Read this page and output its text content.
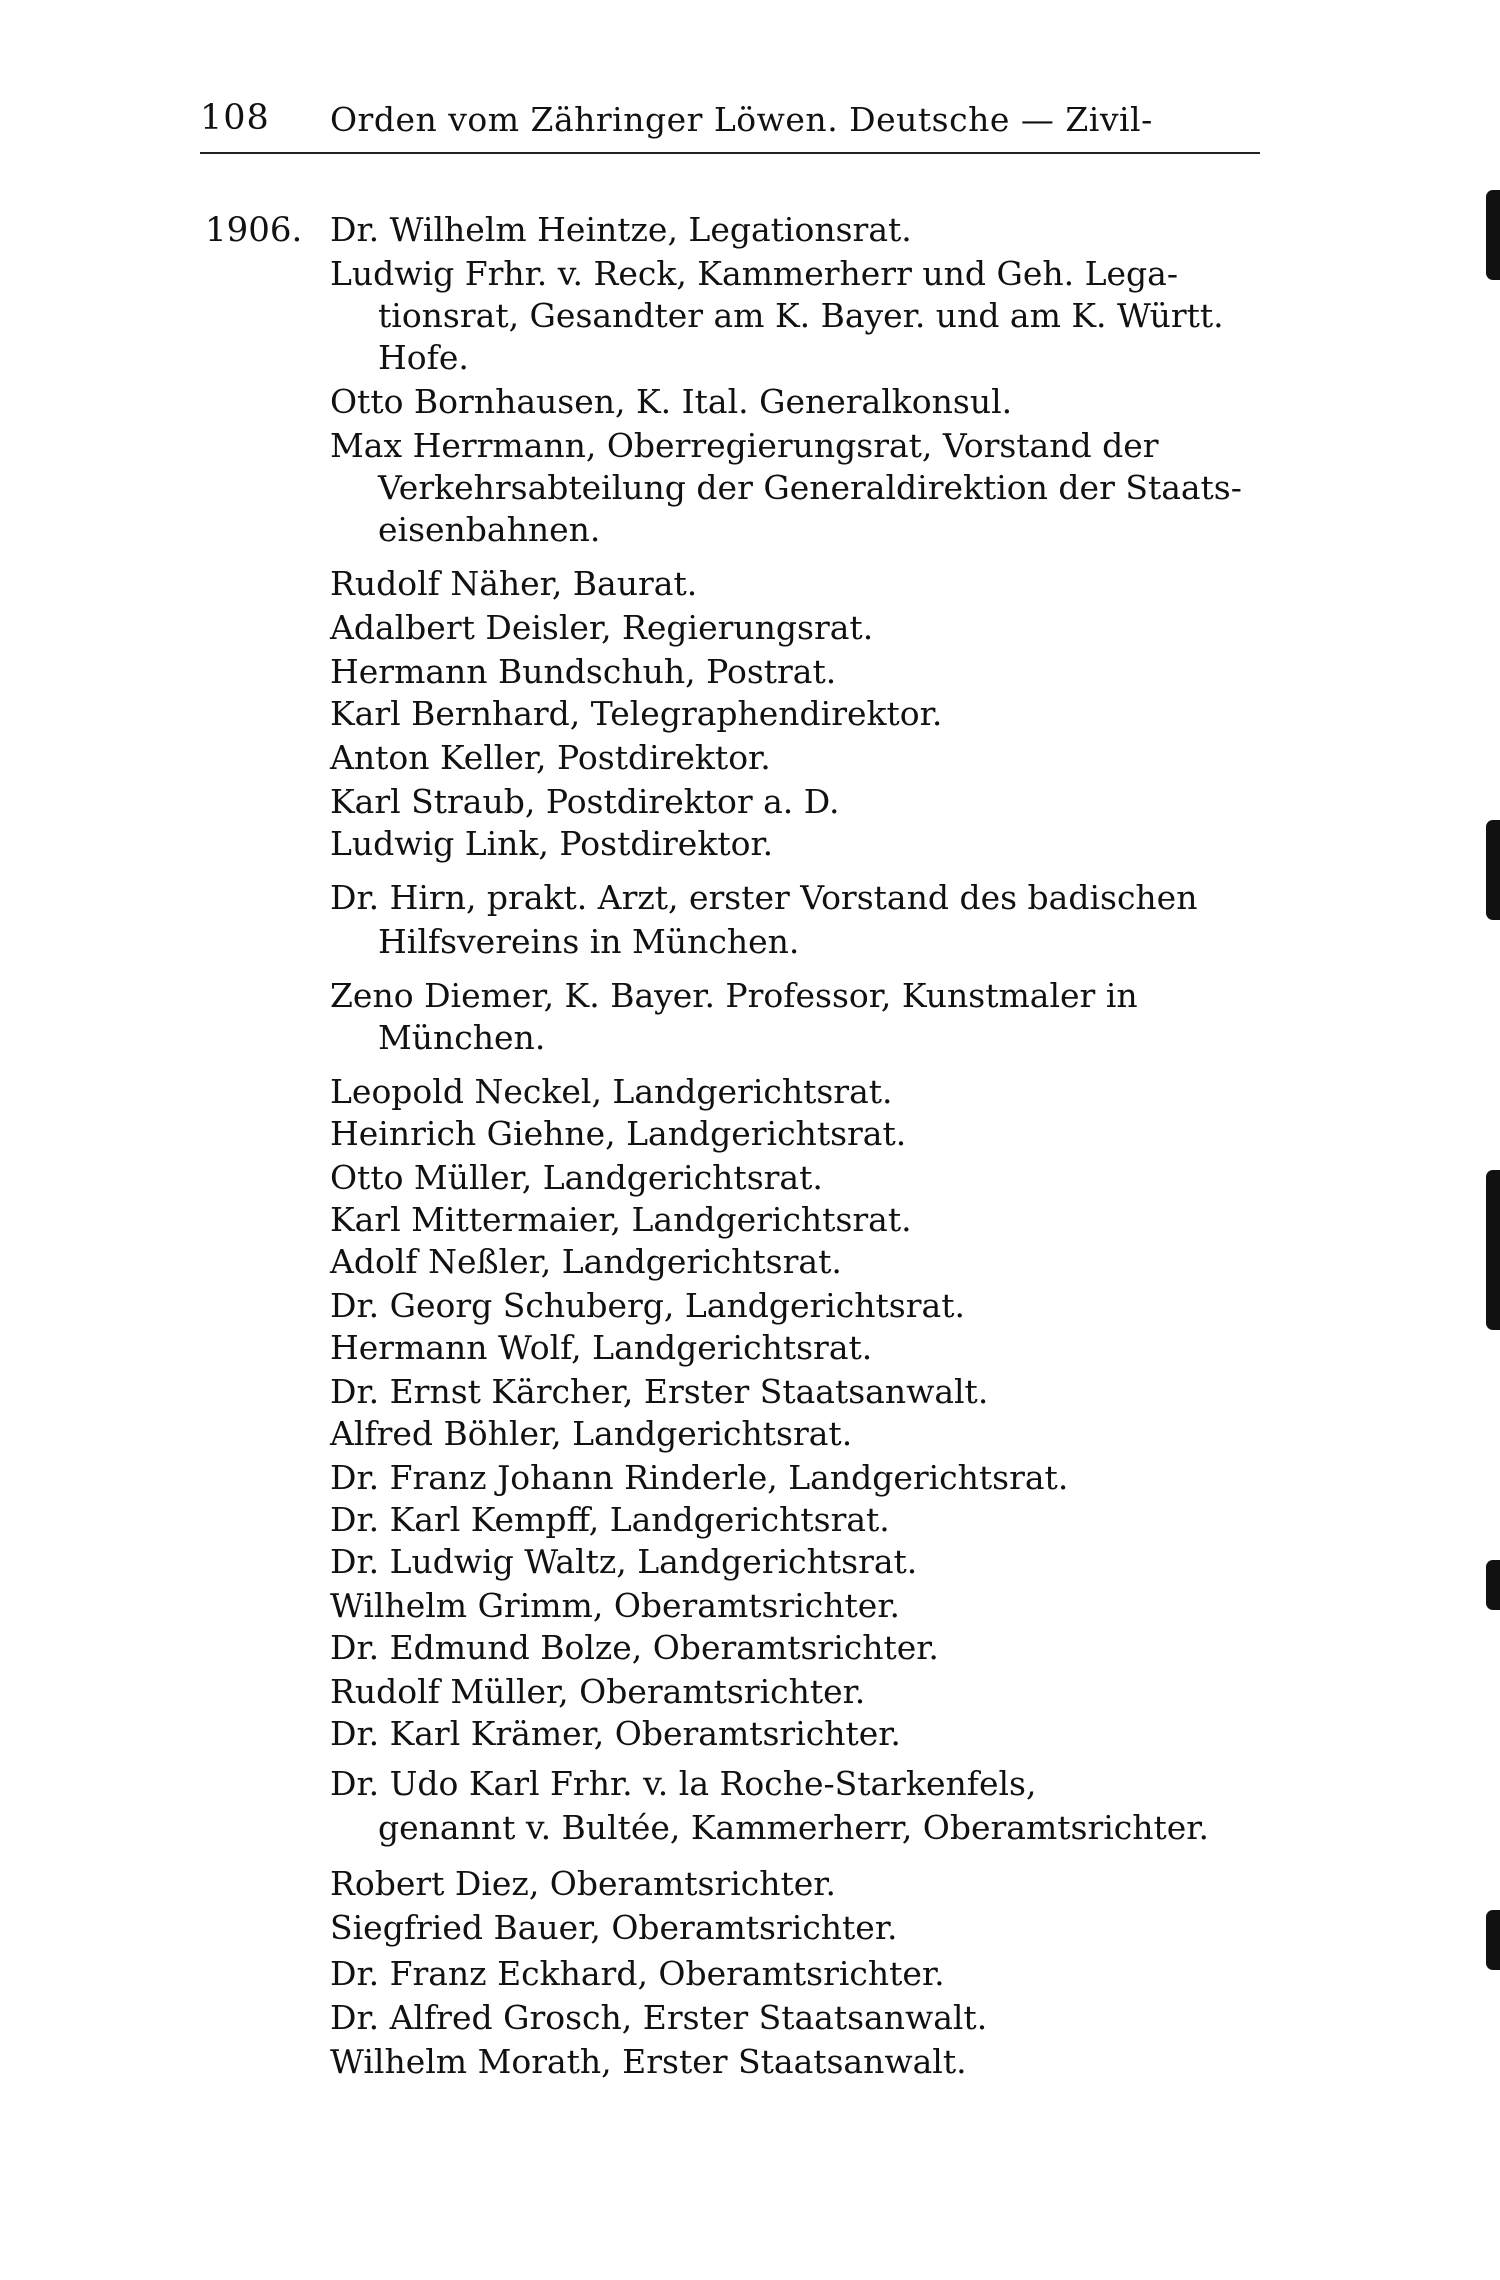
108 Orden vom Zähringer Löwen. Deutsche — Zivil-
1906. Dr. Wilhelm Heintze, Legationsrat.
Ludwig Frhr. v. Reck, Kammerherr und Geh. Lega-
tionsrat, Gesandter am K. Bayer. und am K. Württ.
Hofe.
Otto Bornhausen, K. Ital. Generalkonsul.
Max Herrmann, Oberregierungsrat, Vorstand der
Verkehrsabteilung der Generaldirektion der Staats-
eisenbahnen.
Rudolf Näher, Baurat.
Adalbert Deisler, Regierungsrat.
Hermann Bundschuh, Postrat.
Karl Bernhard, Telegraphendirektor.
Anton Keller, Postdirektor.
Karl Straub, Postdirektor a. D.
Ludwig Link, Postdirektor.
Dr. Hirn, prakt. Arzt, erster Vorstand des badischen
Hilfsvereins in München.
Zeno Diemer, K. Bayer. Professor, Kunstmaler in
München.
Leopold Neckel, Landgerichtsrat.
Heinrich Giehne, Landgerichtsrat.
Otto Müller, Landgerichtsrat.
Karl Mittermaier, Landgerichtsrat.
Adolf Neßler, Landgerichtsrat.
Dr. Georg Schuberg, Landgerichtsrat.
Hermann Wolf, Landgerichtsrat.
Dr. Ernst Kärcher, Erster Staatsanwalt.
Alfred Böhler, Landgerichtsrat.
Dr. Franz Johann Rinderle, Landgerichtsrat.
Dr. Karl Kempff, Landgerichtsrat.
Dr. Ludwig Waltz, Landgerichtsrat.
Wilhelm Grimm, Oberamtsrichter.
Dr. Edmund Bolze, Oberamtsrichter.
Rudolf Müller, Oberamtsrichter.
Dr. Karl Krämer, Oberamtsrichter.
Dr. Udo Karl Frhr. v. la Roche-Starkenfels,
genannt v. Bultée, Kammerherr, Oberamtsrichter.
Robert Diez, Oberamtsrichter.
Siegfried Bauer, Oberamtsrichter.
Dr. Franz Eckhard, Oberamtsrichter.
Dr. Alfred Grosch, Erster Staatsanwalt.
Wilhelm Morath, Erster Staatsanwalt.
